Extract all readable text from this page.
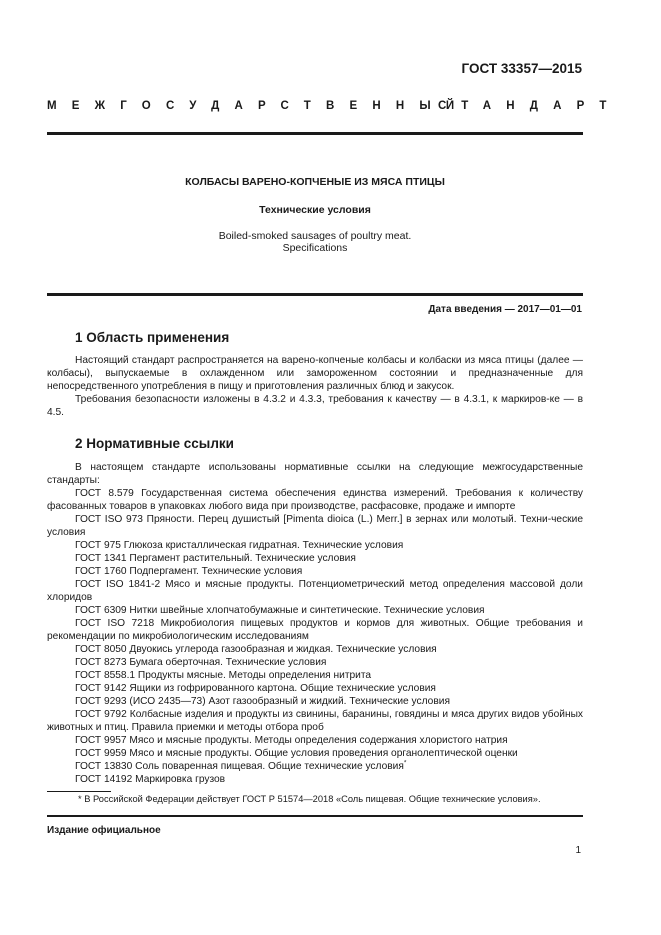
ГОСТ 33357—2015
МЕЖГОСУДАРСТВЕННЫЙ
СТАНДАРТ
КОЛБАСЫ ВАРЕНО-КОПЧЕНЫЕ ИЗ МЯСА ПТИЦЫ
Технические условия
Boiled-smoked sausages of poultry meat.
Specifications
Дата введения — 2017—01—01
1 Область применения

Настоящий стандарт распространяется на варено-копченые колбасы и колбаски из мяса птицы (далее — колбасы), выпускаемые в охлажденном или замороженном состоянии и предназначенные для непосредственного употребления в пищу и приготовления различных блюд и закусок.

Требования безопасности изложены в 4.3.2 и 4.3.3, требования к качеству — в 4.3.1, к маркиров-ке — в 4.5.

2 Нормативные ссылки

В настоящем стандарте использованы нормативные ссылки на следующие межгосударственные стандарты:

ГОСТ 8.579 Государственная система обеспечения единства измерений. Требования к количеству фасованных товаров в упаковках любого вида при производстве, расфасовке, продаже и импорте

ГОСТ ISO 973 Пряности. Перец душистый [Pimenta dioica (L.) Merr.] в зернах или молотый. Техни-ческие условия

ГОСТ 975 Глюкоза кристаллическая гидратная. Технические условия

ГОСТ 1341 Пергамент растительный. Технические условия

ГОСТ 1760 Подпергамент. Технические условия

ГОСТ ISO 1841-2 Мясо и мясные продукты. Потенциометрический метод определения массовой доли хлоридов

ГОСТ 6309 Нитки швейные хлопчатобумажные и синтетические. Технические условия

ГОСТ ISO 7218 Микробиология пищевых продуктов и кормов для животных. Общие требования и рекомендации по микробиологическим исследованиям

ГОСТ 8050 Двуокись углерода газообразная и жидкая. Технические условия

ГОСТ 8273 Бумага оберточная. Технические условия

ГОСТ 8558.1 Продукты мясные. Методы определения нитрита

ГОСТ 9142 Ящики из гофрированного картона. Общие технические условия

ГОСТ 9293 (ИСО 2435—73) Азот газообразный и жидкий. Технические условия

ГОСТ 9792 Колбасные изделия и продукты из свинины, баранины, говядины и мяса других видов убойных животных и птиц. Правила приемки и методы отбора проб

ГОСТ 9957 Мясо и мясные продукты. Методы определения содержания хлористого натрия

ГОСТ 9959 Мясо и мясные продукты. Общие условия проведения органолептической оценки

ГОСТ 13830 Соль поваренная пищевая. Общие технические условия*

ГОСТ 14192 Маркировка грузов

* В Российской Федерации действует ГОСТ Р 51574—2018 «Соль пищевая. Общие технические условия».
Издание официальное
1
